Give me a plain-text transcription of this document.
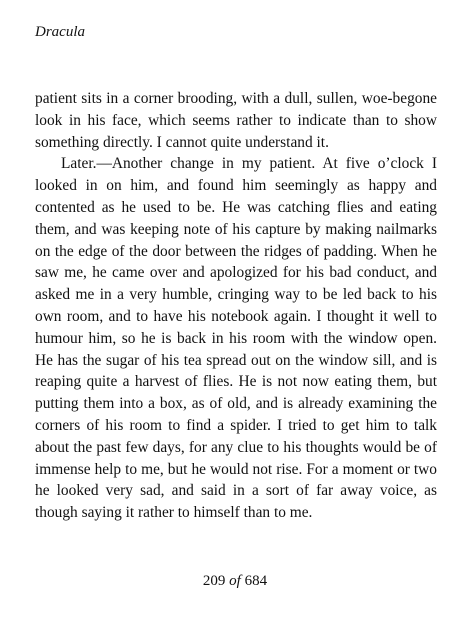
Dracula

patient sits in a corner brooding, with a dull, sullen, woe-begone look in his face, which seems rather to indicate than to show something directly. I cannot quite understand it.

Later.—Another change in my patient. At five o’clock I looked in on him, and found him seemingly as happy and contented as he used to be. He was catching flies and eating them, and was keeping note of his capture by making nailmarks on the edge of the door between the ridges of padding. When he saw me, he came over and apologized for his bad conduct, and asked me in a very humble, cringing way to be led back to his own room, and to have his notebook again. I thought it well to humour him, so he is back in his room with the window open. He has the sugar of his tea spread out on the window sill, and is reaping quite a harvest of flies. He is not now eating them, but putting them into a box, as of old, and is already examining the corners of his room to find a spider. I tried to get him to talk about the past few days, for any clue to his thoughts would be of immense help to me, but he would not rise. For a moment or two he looked very sad, and said in a sort of far away voice, as though saying it rather to himself than to me.

209 of 684
